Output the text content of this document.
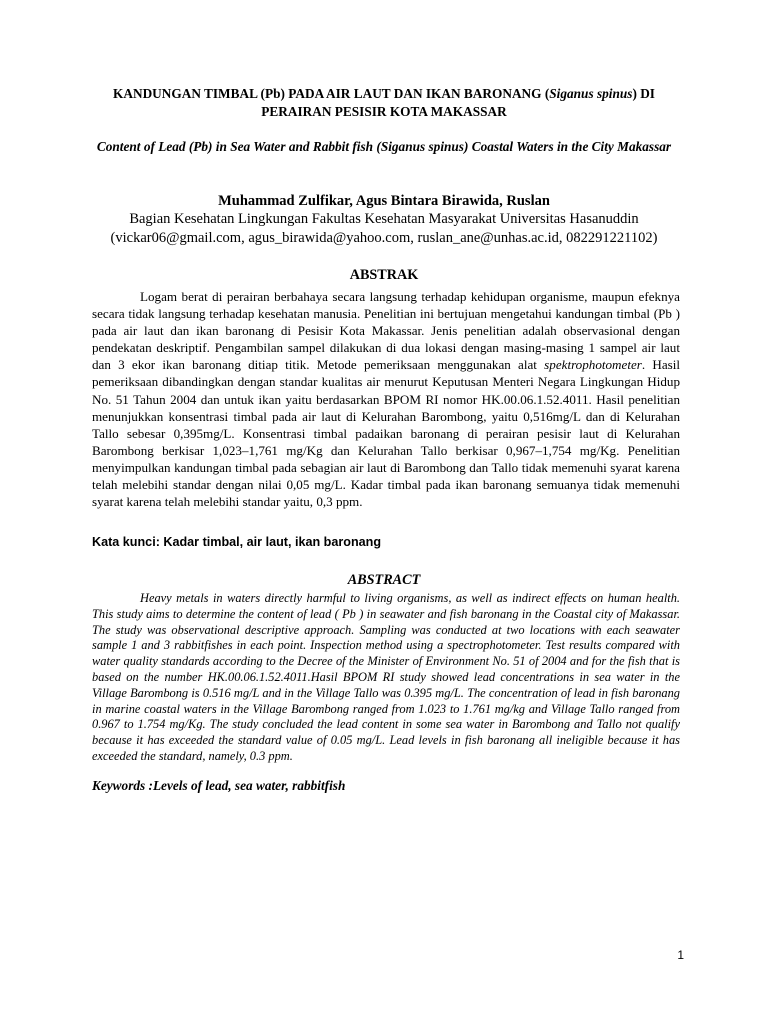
KANDUNGAN TIMBAL (Pb) PADA AIR LAUT DAN IKAN BARONANG (Siganus spinus) DI PERAIRAN PESISIR KOTA MAKASSAR
Content of Lead (Pb) in Sea Water and Rabbit fish (Siganus spinus) Coastal Waters in the City Makassar
Muhammad Zulfikar, Agus Bintara Birawida, Ruslan
Bagian Kesehatan Lingkungan Fakultas Kesehatan Masyarakat Universitas Hasanuddin
(vickar06@gmail.com, agus_birawida@yahoo.com, ruslan_ane@unhas.ac.id, 082291221102)
ABSTRAK
Logam berat di perairan berbahaya secara langsung terhadap kehidupan organisme, maupun efeknya secara tidak langsung terhadap kesehatan manusia. Penelitian ini bertujuan mengetahui kandungan timbal (Pb ) pada air laut dan ikan baronang di Pesisir Kota Makassar. Jenis penelitian adalah observasional dengan pendekatan deskriptif. Pengambilan sampel dilakukan di dua lokasi dengan masing-masing 1 sampel air laut dan 3 ekor ikan baronang ditiap titik. Metode pemeriksaan menggunakan alat spektrophotometer. Hasil pemeriksaan dibandingkan dengan standar kualitas air menurut Keputusan Menteri Negara Lingkungan Hidup No. 51 Tahun 2004 dan untuk ikan yaitu berdasarkan BPOM RI nomor HK.00.06.1.52.4011. Hasil penelitian menunjukkan konsentrasi timbal pada air laut di Kelurahan Barombong, yaitu 0,516mg/L dan di Kelurahan Tallo sebesar 0,395mg/L. Konsentrasi timbal padaikan baronang di perairan pesisir laut di Kelurahan Barombong berkisar 1,023–1,761 mg/Kg dan Kelurahan Tallo berkisar 0,967–1,754 mg/Kg. Penelitian menyimpulkan kandungan timbal pada sebagian air laut di Barombong dan Tallo tidak memenuhi syarat karena telah melebihi standar dengan nilai 0,05 mg/L. Kadar timbal pada ikan baronang semuanya tidak memenuhi syarat karena telah melebihi standar yaitu, 0,3 ppm.
Kata kunci: Kadar timbal, air laut, ikan baronang
ABSTRACT
Heavy metals in waters directly harmful to living organisms, as well as indirect effects on human health. This study aims to determine the content of lead ( Pb ) in seawater and fish baronang in the Coastal city of Makassar. The study was observational descriptive approach. Sampling was conducted at two locations with each seawater sample 1 and 3 rabbitfishes in each point. Inspection method using a spectrophotometer. Test results compared with water quality standards according to the Decree of the Minister of Environment No. 51 of 2004 and for the fish that is based on the number HK.00.06.1.52.4011.Hasil BPOM RI study showed lead concentrations in sea water in the Village Barombong is 0.516 mg/L and in the Village Tallo was 0.395 mg/L. The concentration of lead in fish baronang in marine coastal waters in the Village Barombong ranged from 1.023 to 1.761 mg/kg and Village Tallo ranged from 0.967 to 1.754 mg/Kg. The study concluded the lead content in some sea water in Barombong and Tallo not qualify because it has exceeded the standard value of 0.05 mg/L. Lead levels in fish baronang all ineligible because it has exceeded the standard, namely, 0.3 ppm.
Keywords :Levels of lead, sea water, rabbitfish
1
